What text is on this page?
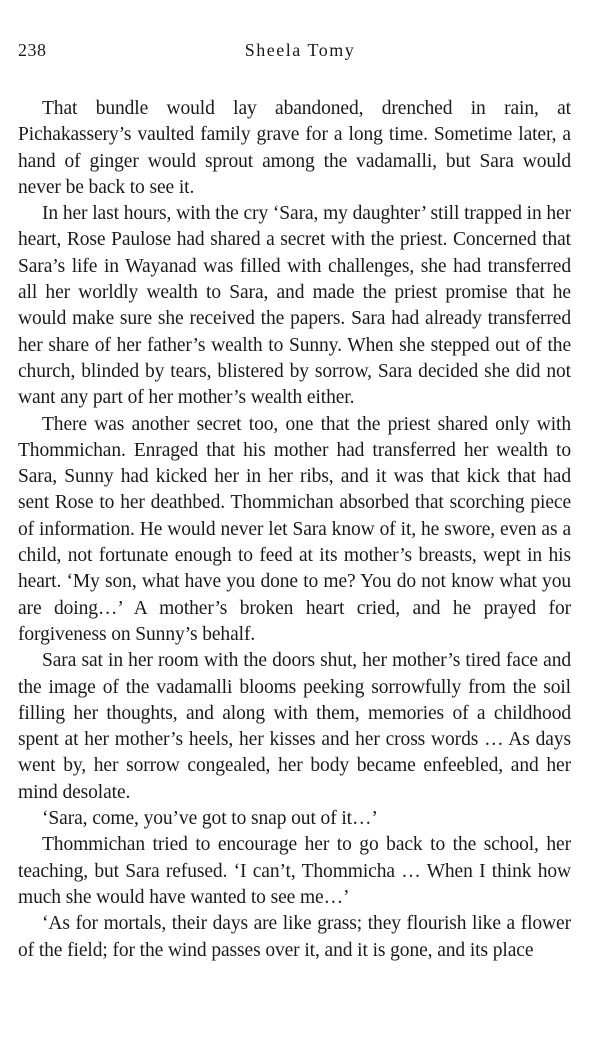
238	Sheela Tomy

That bundle would lay abandoned, drenched in rain, at Pichakassery’s vaulted family grave for a long time. Sometime later, a hand of ginger would sprout among the vadamalli, but Sara would never be back to see it.

In her last hours, with the cry ‘Sara, my daughter’ still trapped in her heart, Rose Paulose had shared a secret with the priest. Concerned that Sara’s life in Wayanad was filled with challenges, she had transferred all her worldly wealth to Sara, and made the priest promise that he would make sure she received the papers. Sara had already transferred her share of her father’s wealth to Sunny. When she stepped out of the church, blinded by tears, blistered by sorrow, Sara decided she did not want any part of her mother’s wealth either.

There was another secret too, one that the priest shared only with Thommichan. Enraged that his mother had transferred her wealth to Sara, Sunny had kicked her in her ribs, and it was that kick that had sent Rose to her deathbed. Thommichan absorbed that scorching piece of information. He would never let Sara know of it, he swore, even as a child, not fortunate enough to feed at its mother’s breasts, wept in his heart. ‘My son, what have you done to me? You do not know what you are doing…’ A mother’s broken heart cried, and he prayed for forgiveness on Sunny’s behalf.

Sara sat in her room with the doors shut, her mother’s tired face and the image of the vadamalli blooms peeking sorrowfully from the soil filling her thoughts, and along with them, memories of a childhood spent at her mother’s heels, her kisses and her cross words … As days went by, her sorrow congealed, her body became enfeebled, and her mind desolate.

‘Sara, come, you’ve got to snap out of it…’

Thommichan tried to encourage her to go back to the school, her teaching, but Sara refused. ‘I can’t, Thommicha … When I think how much she would have wanted to see me…’

‘As for mortals, their days are like grass; they flourish like a flower of the field; for the wind passes over it, and it is gone, and its place
